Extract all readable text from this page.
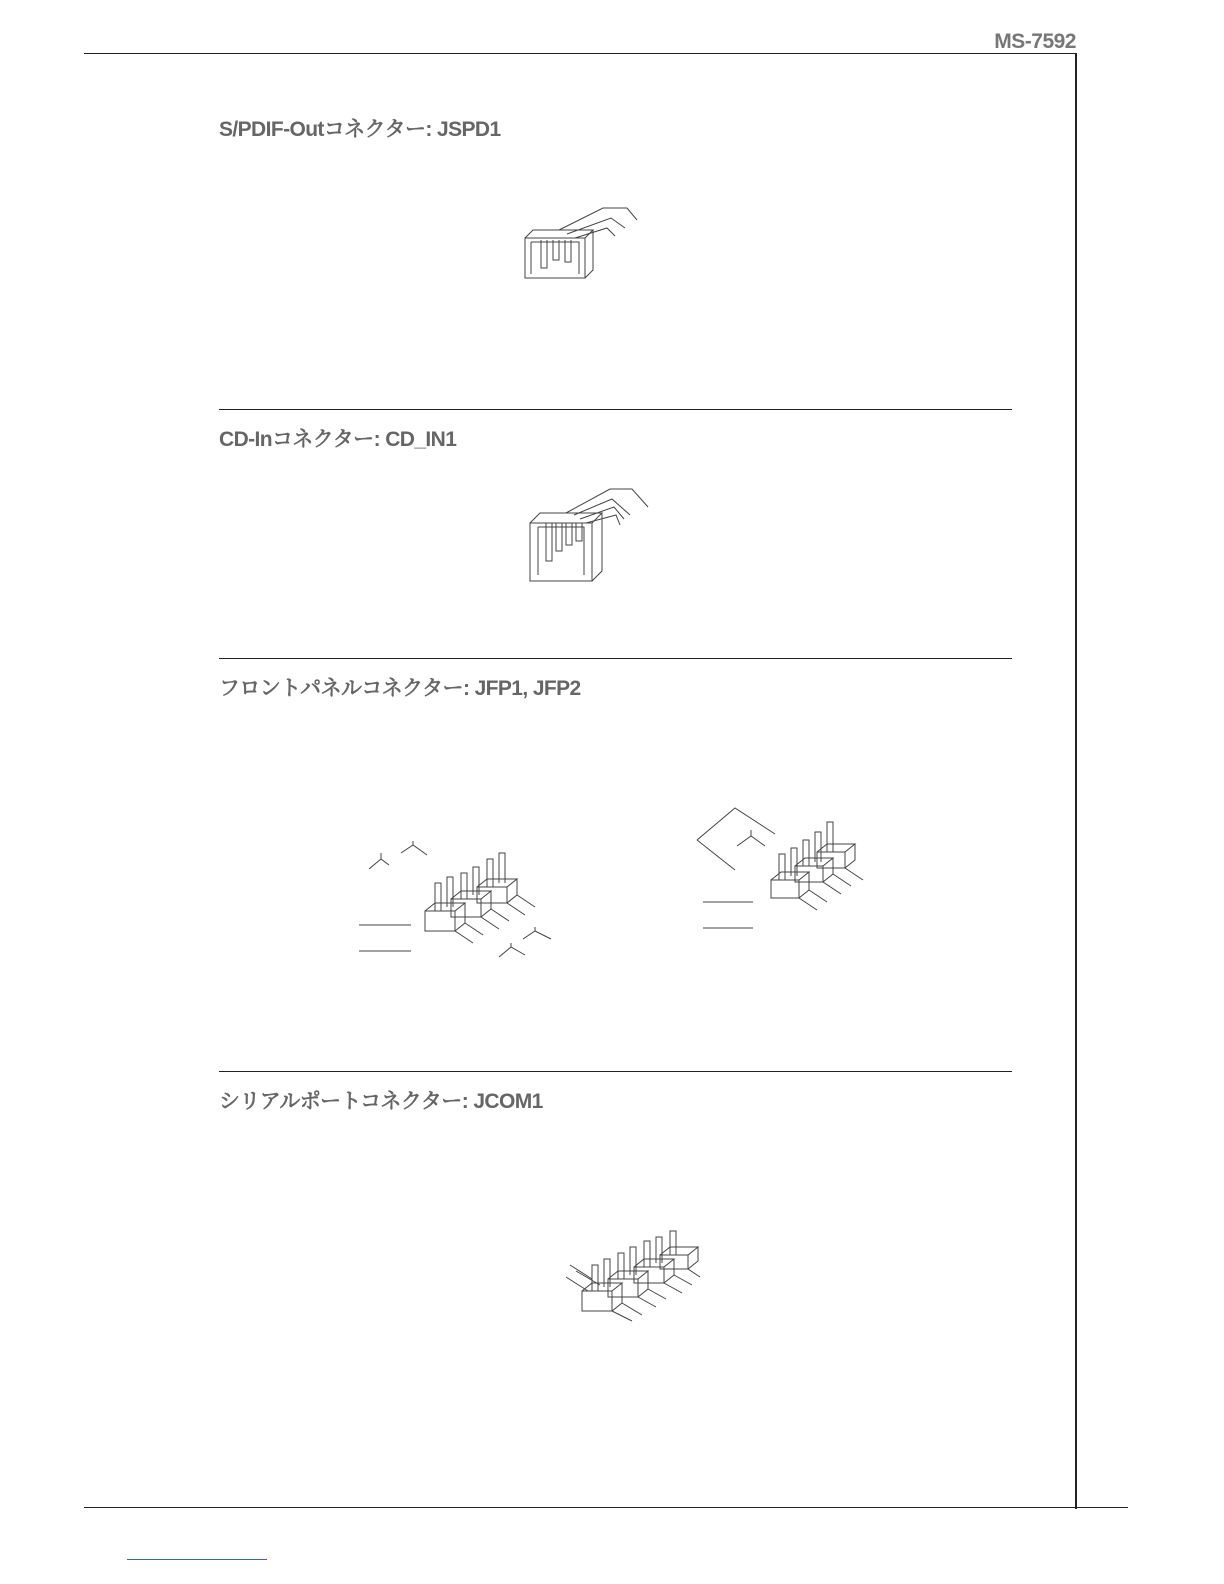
MS-7592
S/PDIF-Outコネクター: JSPD1
CD-Inコネクター: CD_IN1
フロントパネルコネクター: JFP1, JFP2
シリアルポートコネクター: JCOM1
